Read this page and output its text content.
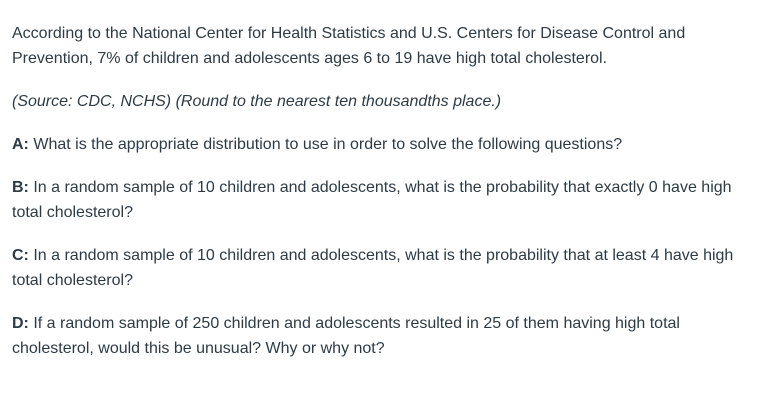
According to the National Center for Health Statistics and U.S. Centers for Disease Control and Prevention, 7% of children and adolescents ages 6 to 19 have high total cholesterol.

(Source: CDC, NCHS) (Round to the nearest ten thousandths place.)

A: What is the appropriate distribution to use in order to solve the following questions?

B: In a random sample of 10 children and adolescents, what is the probability that exactly 0 have high total cholesterol?

C: In a random sample of 10 children and adolescents, what is the probability that at least 4 have high total cholesterol?

D: If a random sample of 250 children and adolescents resulted in 25 of them having high total cholesterol, would this be unusual? Why or why not?
